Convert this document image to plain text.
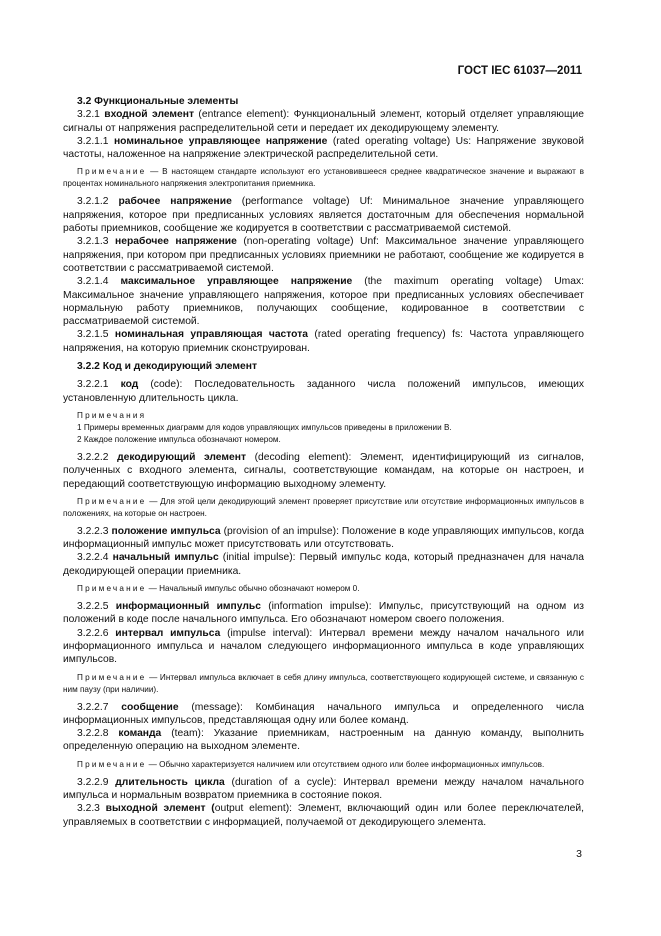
ГОСТ IEC 61037—2011

3.2 Функциональные элементы

3.2.1 входной элемент (entrance element): Функциональный элемент, который отделяет управляющие сигналы от напряжения распределительной сети и передает их декодирующему элементу.

3.2.1.1 номинальное управляющее напряжение (rated operating voltage) Us: Напряжение звуковой частоты, наложенное на напряжение электрической распределительной сети.

Примечание — В настоящем стандарте используют его установившееся среднее квадратическое значение и выражают в процентах номинального напряжения электропитания приемника.

3.2.1.2 рабочее напряжение (performance voltage) Uf: Минимальное значение управляющего напряжения, которое при предписанных условиях является достаточным для обеспечения нормальной работы приемников, сообщение же кодируется в соответствии с рассматриваемой системой.

3.2.1.3 нерабочее напряжение (non-operating voltage) Unf: Максимальное значение управляющего напряжения, при котором при предписанных условиях приемники не работают, сообщение же кодируется в соответствии с рассматриваемой системой.

3.2.1.4 максимальное управляющее напряжение (the maximum operating voltage) Umax: Максимальное значение управляющего напряжения, которое при предписанных условиях обеспечивает нормальную работу приемников, получающих сообщение, кодированное в соответствии с рассматриваемой системой.

3.2.1.5 номинальная управляющая частота (rated operating frequency) fs: Частота управляющего напряжения, на которую приемник сконструирован.

3.2.2 Код и декодирующий элемент

3.2.2.1 код (code): Последовательность заданного числа положений импульсов, имеющих установленную длительность цикла.

Примечания

1 Примеры временных диаграмм для кодов управляющих импульсов приведены в приложении В.

2 Каждое положение импульса обозначают номером.

3.2.2.2 декодирующий элемент (decoding element): Элемент, идентифицирующий из сигналов, полученных с входного элемента, сигналы, соответствующие командам, на которые он настроен, и передающий соответствующую информацию выходному элементу.

Примечание — Для этой цели декодирующий элемент проверяет присутствие или отсутствие информационных импульсов в положениях, на которые он настроен.

3.2.2.3 положение импульса (provision of an impulse): Положение в коде управляющих импульсов, когда информационный импульс может присутствовать или отсутствовать.

3.2.2.4 начальный импульс (initial impulse): Первый импульс кода, который предназначен для начала декодирующей операции приемника.

Примечание — Начальный импульс обычно обозначают номером 0.

3.2.2.5 информационный импульс (information impulse): Импульс, присутствующий на одном из положений в коде после начального импульса. Его обозначают номером своего положения.

3.2.2.6 интервал импульса (impulse interval): Интервал времени между началом начального или информационного импульса и началом следующего информационного импульса в коде управляющих импульсов.

Примечание — Интервал импульса включает в себя длину импульса, соответствующего кодирующей системе, и связанную с ним паузу (при наличии).

3.2.2.7 сообщение (message): Комбинация начального импульса и определенного числа информационных импульсов, представляющая одну или более команд.

3.2.2.8 команда (team): Указание приемникам, настроенным на данную команду, выполнить определенную операцию на выходном элементе.

Примечание — Обычно характеризуется наличием или отсутствием одного или более информационных импульсов.

3.2.2.9 длительность цикла (duration of a cycle): Интервал времени между началом начального импульса и нормальным возвратом приемника в состояние покоя.

3.2.3 выходной элемент (output element): Элемент, включающий один или более переключателей, управляемых в соответствии с информацией, получаемой от декодирующего элемента.

3
